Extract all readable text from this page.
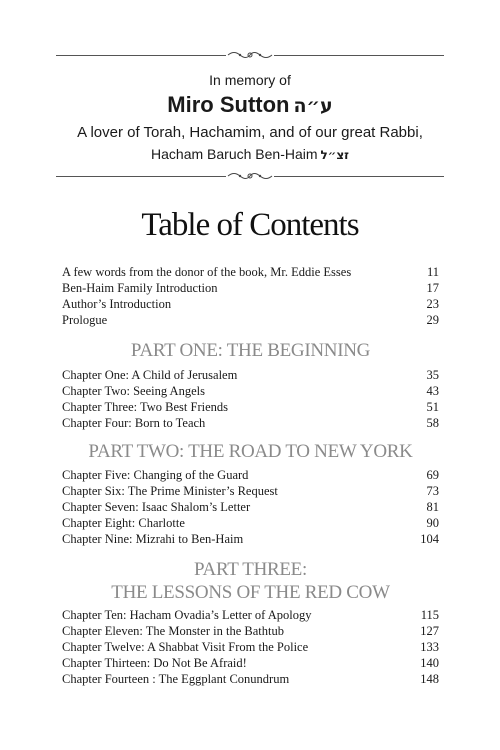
In memory of
Miro Sutton ע״ה
A lover of Torah, Hachamim, and of our great Rabbi,
Hacham Baruch Ben-Haim זצ״ל
Table of Contents
A few words from the donor of the book, Mr. Eddie Esses	11
Ben-Haim Family Introduction	17
Author’s Introduction	23
Prologue	29
PART ONE: THE BEGINNING
Chapter One: A Child of Jerusalem	35
Chapter Two: Seeing Angels	43
Chapter Three: Two Best Friends	51
Chapter Four: Born to Teach	58
PART TWO: THE ROAD TO NEW YORK
Chapter Five: Changing of the Guard	69
Chapter Six: The Prime Minister’s Request	73
Chapter Seven: Isaac Shalom’s Letter	81
Chapter Eight: Charlotte	90
Chapter Nine: Mizrahi to Ben-Haim	104
PART THREE:
THE LESSONS OF THE RED COW
Chapter Ten: Hacham Ovadia’s Letter of Apology	115
Chapter Eleven: The Monster in the Bathtub	127
Chapter Twelve: A Shabbat Visit From the Police	133
Chapter Thirteen: Do Not Be Afraid!	140
Chapter Fourteen : The Eggplant Conundrum	148
